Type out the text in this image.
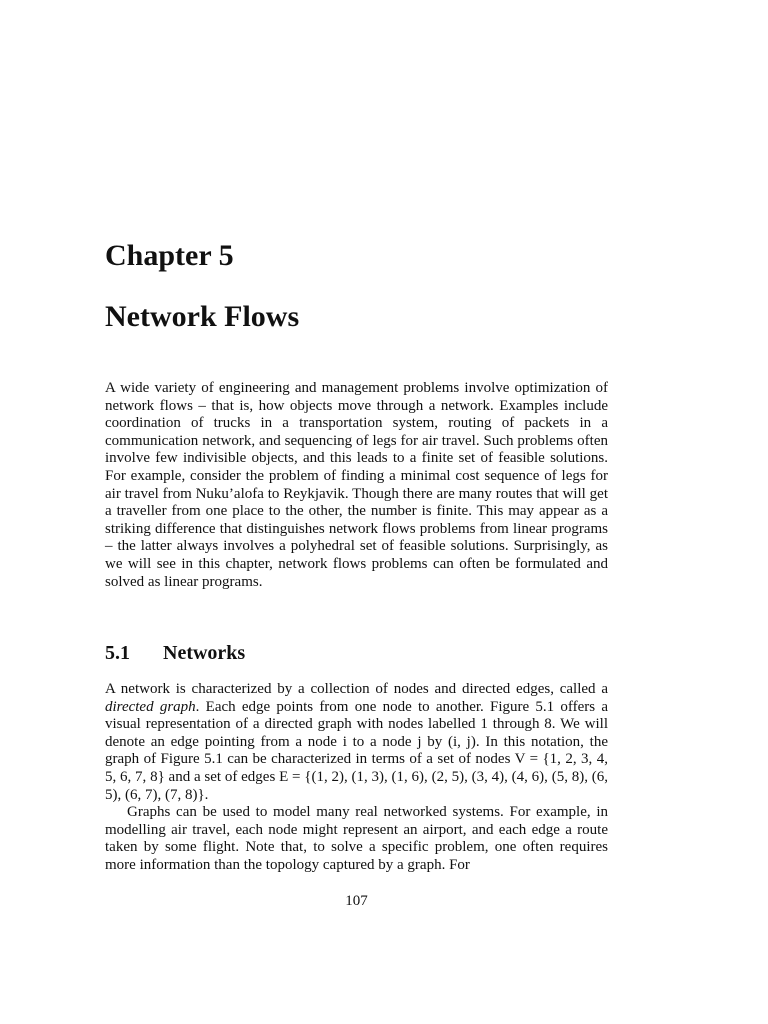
Chapter 5
Network Flows

A wide variety of engineering and management problems involve optimization of network flows – that is, how objects move through a network. Examples include coordination of trucks in a transportation system, routing of packets in a communication network, and sequencing of legs for air travel. Such problems often involve few indivisible objects, and this leads to a finite set of feasible solutions. For example, consider the problem of finding a minimal cost sequence of legs for air travel from Nuku’alofa to Reykjavik. Though there are many routes that will get a traveller from one place to the other, the number is finite. This may appear as a striking difference that distinguishes network flows problems from linear programs – the latter always involves a polyhedral set of feasible solutions. Surprisingly, as we will see in this chapter, network flows problems can often be formulated and solved as linear programs.

5.1 Networks

A network is characterized by a collection of nodes and directed edges, called a directed graph. Each edge points from one node to another. Figure 5.1 offers a visual representation of a directed graph with nodes labelled 1 through 8. We will denote an edge pointing from a node i to a node j by (i, j). In this notation, the graph of Figure 5.1 can be characterized in terms of a set of nodes V = {1, 2, 3, 4, 5, 6, 7, 8} and a set of edges E = {(1, 2), (1, 3), (1, 6), (2, 5), (3, 4), (4, 6), (5, 8), (6, 5), (6, 7), (7, 8)}.

Graphs can be used to model many real networked systems. For example, in modelling air travel, each node might represent an airport, and each edge a route taken by some flight. Note that, to solve a specific problem, one often requires more information than the topology captured by a graph. For

107
